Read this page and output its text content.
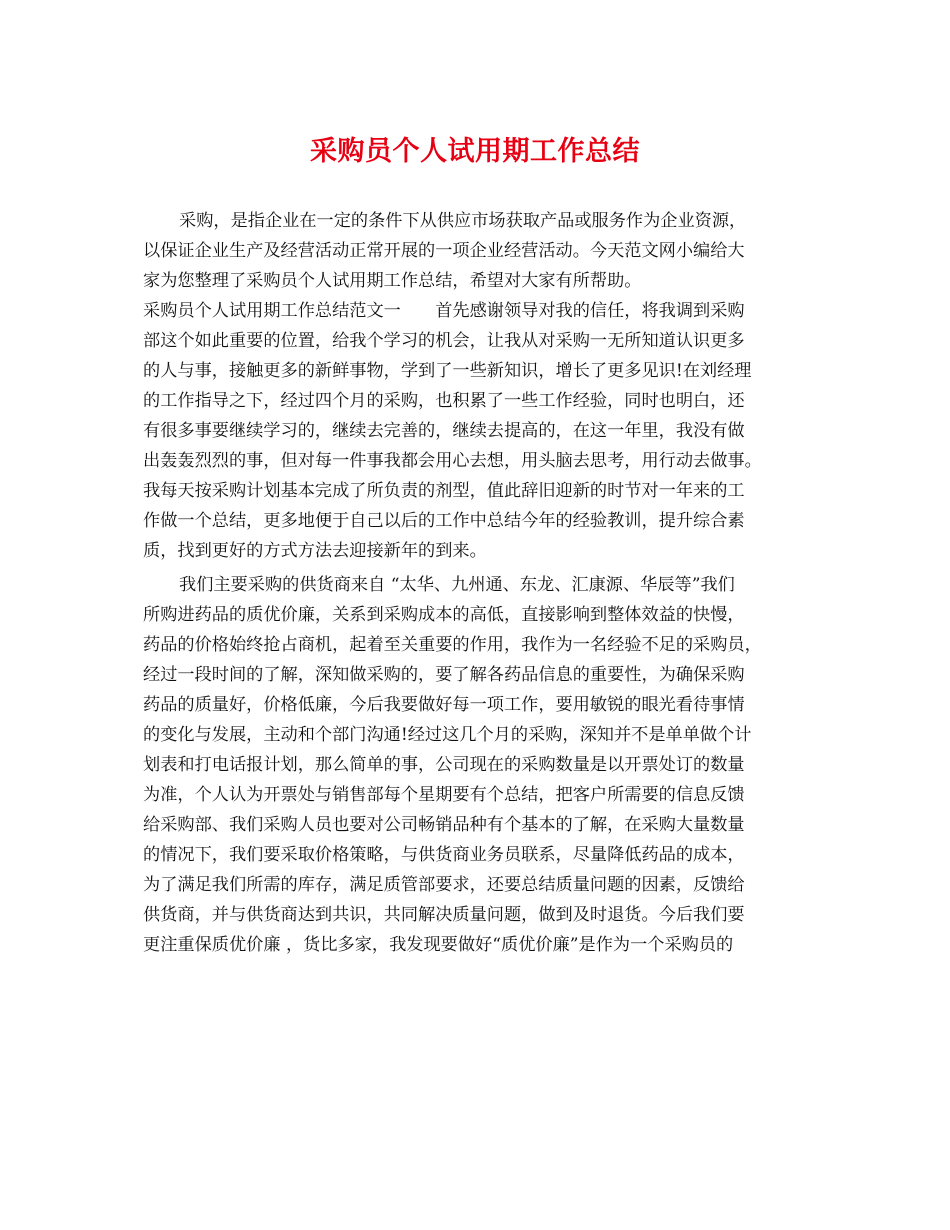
采购员个人试用期工作总结
采购，是指企业在一定的条件下从供应市场获取产品或服务作为企业资源，
以保证企业生产及经营活动正常开展的一项企业经营活动。今天范文网小编给大
家为您整理了采购员个人试用期工作总结，希望对大家有所帮助。
采购员个人试用期工作总结范文一　　首先感谢领导对我的信任，将我调到采购
部这个如此重要的位置，给我个学习的机会，让我从对采购一无所知道认识更多
的人与事，接触更多的新鲜事物，学到了一些新知识，增长了更多见识!在刘经理
的工作指导之下，经过四个月的采购，也积累了一些工作经验，同时也明白，还
有很多事要继续学习的，继续去完善的，继续去提高的，在这一年里，我没有做
出轰轰烈烈的事，但对每一件事我都会用心去想，用头脑去思考，用行动去做事。
我每天按采购计划基本完成了所负责的剂型，值此辞旧迎新的时节对一年来的工
作做一个总结，更多地便于自己以后的工作中总结今年的经验教训，提升综合素
质，找到更好的方式方法去迎接新年的到来。
我们主要采购的供货商来自 “太华、九州通、东龙、汇康源、华辰等”我们
所购进药品的质优价廉，关系到采购成本的高低，直接影响到整体效益的快慢，
药品的价格始终抢占商机，起着至关重要的作用，我作为一名经验不足的采购员，
经过一段时间的了解，深知做采购的，要了解各药品信息的重要性，为确保采购
药品的质量好，价格低廉，今后我要做好每一项工作，要用敏锐的眼光看待事情
的变化与发展，主动和个部门沟通!经过这几个月的采购，深知并不是单单做个计
划表和打电话报计划，那么简单的事，公司现在的采购数量是以开票处订的数量
为准，个人认为开票处与销售部每个星期要有个总结，把客户所需要的信息反馈
给采购部、我们采购人员也要对公司畅销品种有个基本的了解，在采购大量数量
的情况下，我们要采取价格策略，与供货商业务员联系，尽量降低药品的成本，
为了满足我们所需的库存，满足质管部要求，还要总结质量问题的因素，反馈给
供货商，并与供货商达到共识，共同解决质量问题，做到及时退货。今后我们要
更注重保质优价廉 ，货比多家，我发现要做好“质优价廉”是作为一个采购员的
